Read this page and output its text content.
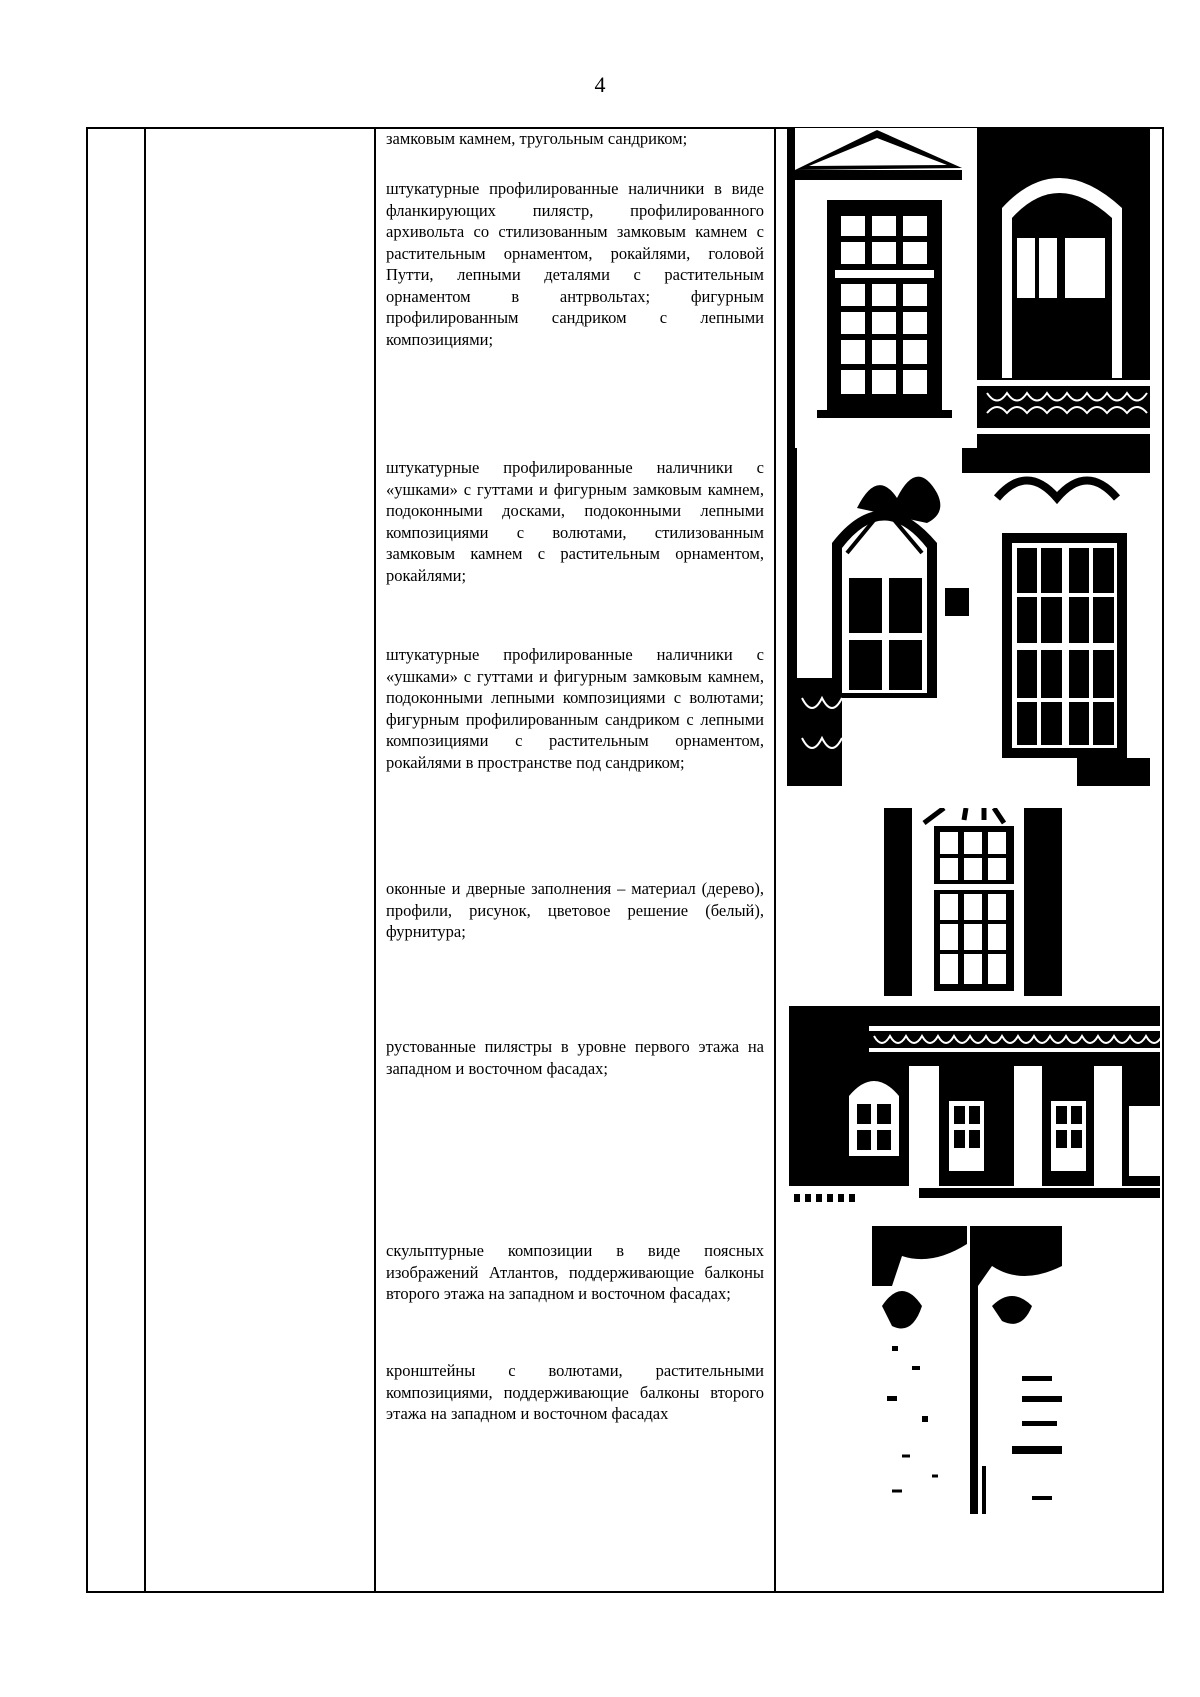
4

замковым камнем, тругольным сандриком;

штукатурные профилированные наличники в виде фланкирующих пилястр, профилированного архивольта со стилизованным замковым камнем с растительным орнаментом, рокайлями, головой Путти, лепными деталями с растительным орнаментом в антрвольтах; фигурным профилированным сандриком с лепными композициями;

штукатурные профилированные наличники с «ушками» с гуттами и фигурным замковым камнем, подоконными досками, подоконными лепными композициями с волютами, стилизованным замковым камнем с растительным орнаментом, рокайлями;

штукатурные профилированные наличники с «ушками» с гуттами и фигурным замковым камнем, подоконными лепными композициями с волютами; фигурным профилированным сандриком с лепными композициями с растительным орнаментом, рокайлями в пространстве под сандриком;

оконные и дверные заполнения – материал (дерево), профили, рисунок, цветовое решение (белый), фурнитура;

рустованные пилястры в уровне первого этажа на западном и восточном фасадах;

скульптурные композиции в виде поясных изображений Атлантов, поддерживающие балконы второго этажа на западном и восточном фасадах;

кронштейны с волютами, растительными композициями, поддерживающие балконы второго этажа на западном и восточном фасадах
